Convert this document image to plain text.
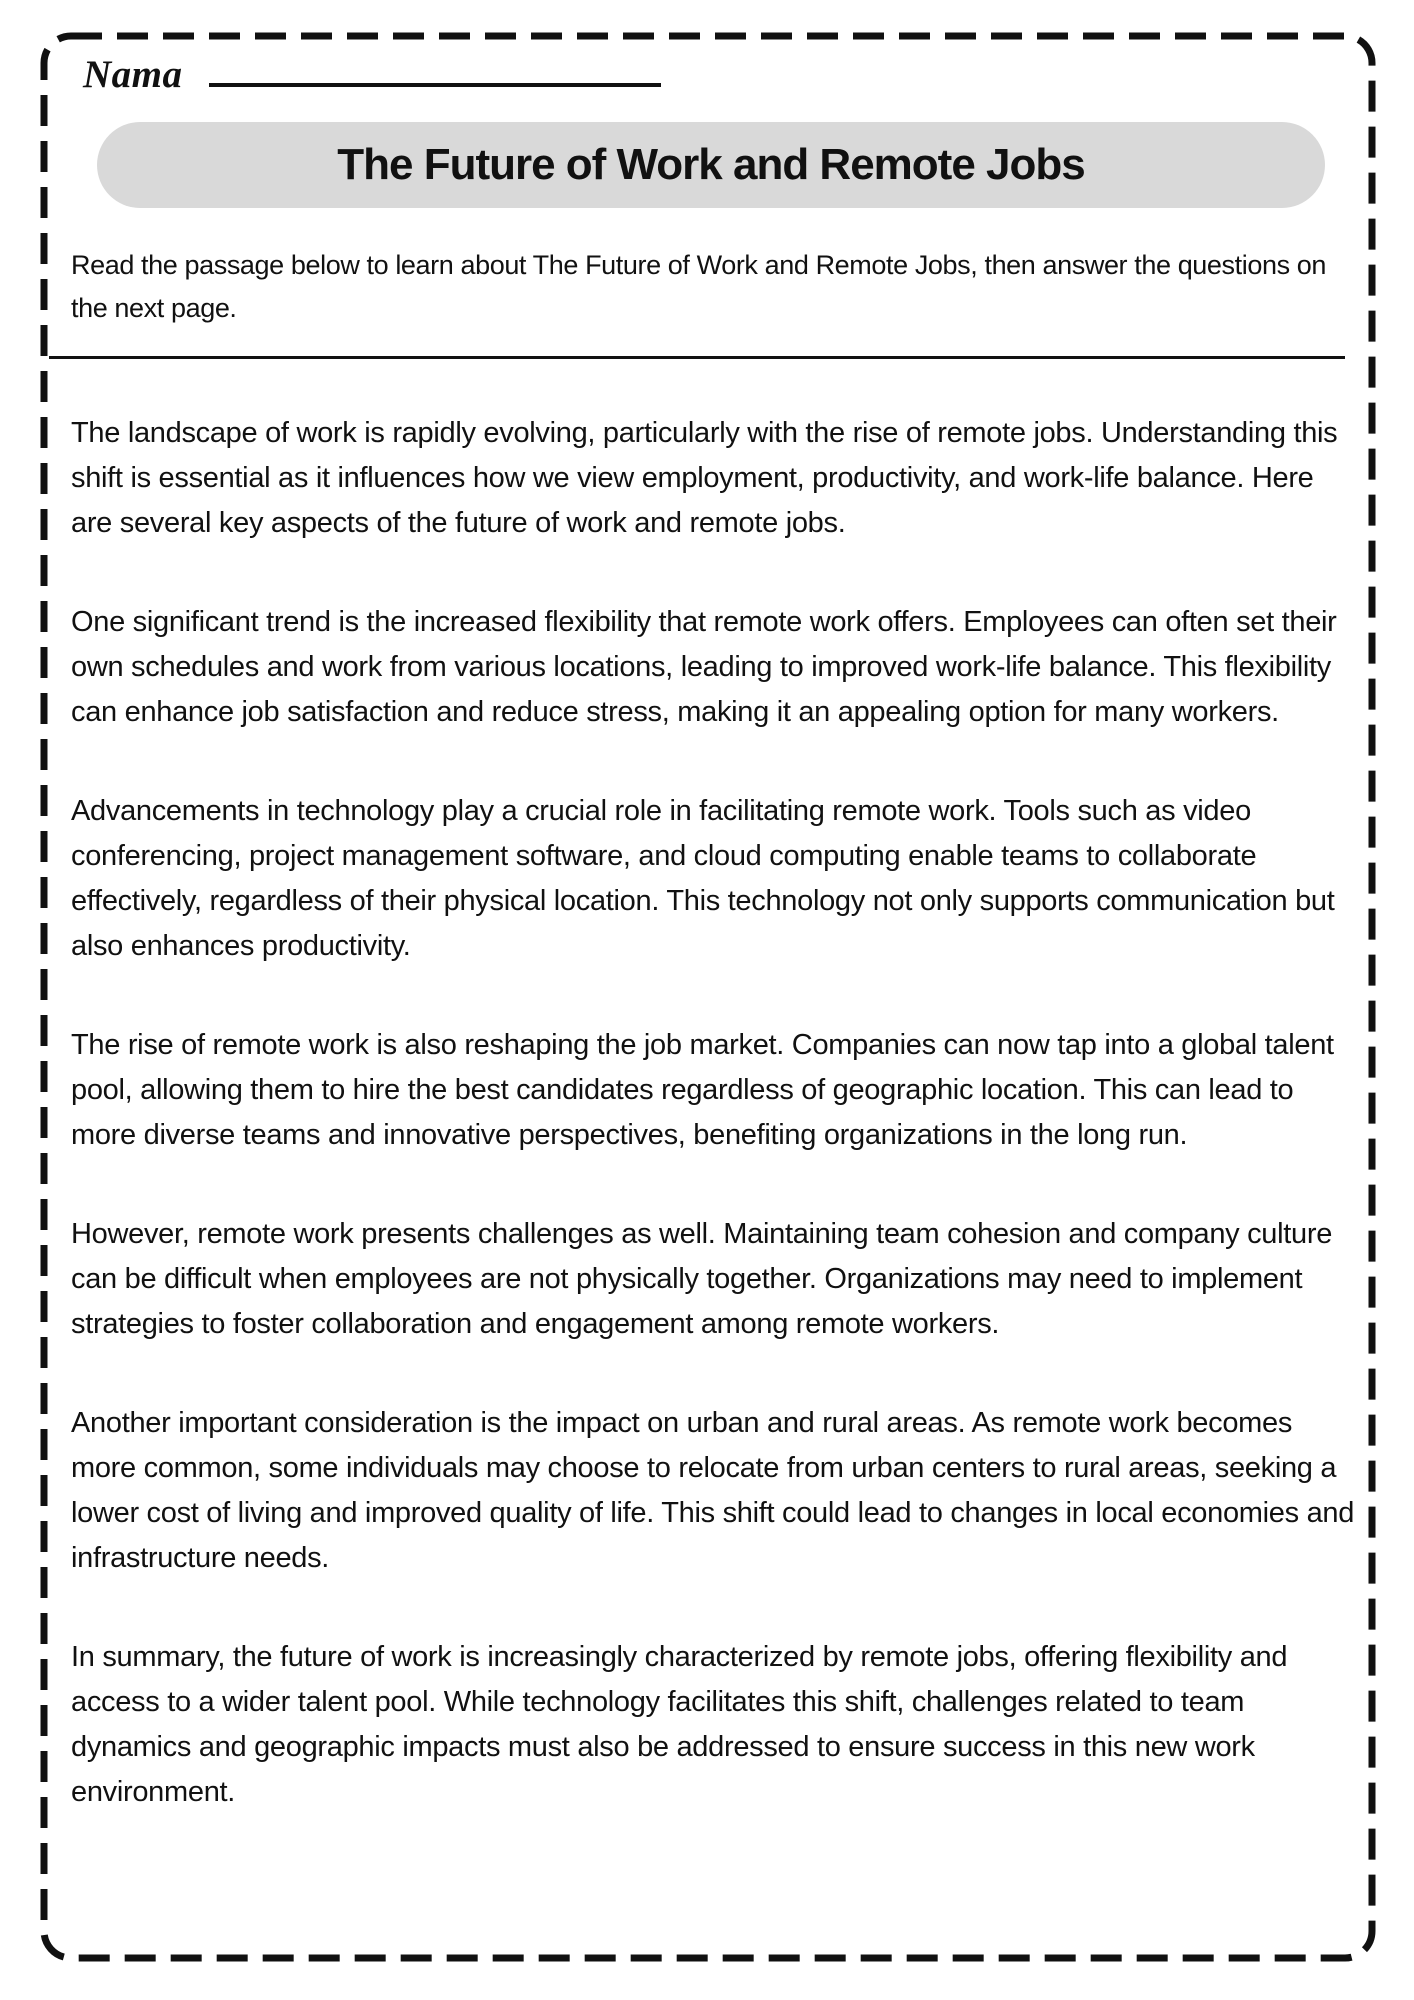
Nama
The Future of Work and Remote Jobs

Read the passage below to learn about The Future of Work and Remote Jobs, then answer the questions on the next page.

The landscape of work is rapidly evolving, particularly with the rise of remote jobs. Understanding this shift is essential as it influences how we view employment, productivity, and work-life balance. Here are several key aspects of the future of work and remote jobs.

One significant trend is the increased flexibility that remote work offers. Employees can often set their own schedules and work from various locations, leading to improved work-life balance. This flexibility can enhance job satisfaction and reduce stress, making it an appealing option for many workers.

Advancements in technology play a crucial role in facilitating remote work. Tools such as video conferencing, project management software, and cloud computing enable teams to collaborate effectively, regardless of their physical location. This technology not only supports communication but also enhances productivity.

The rise of remote work is also reshaping the job market. Companies can now tap into a global talent pool, allowing them to hire the best candidates regardless of geographic location. This can lead to more diverse teams and innovative perspectives, benefiting organizations in the long run.

However, remote work presents challenges as well. Maintaining team cohesion and company culture can be difficult when employees are not physically together. Organizations may need to implement strategies to foster collaboration and engagement among remote workers.

Another important consideration is the impact on urban and rural areas. As remote work becomes more common, some individuals may choose to relocate from urban centers to rural areas, seeking a lower cost of living and improved quality of life. This shift could lead to changes in local economies and infrastructure needs.

In summary, the future of work is increasingly characterized by remote jobs, offering flexibility and access to a wider talent pool. While technology facilitates this shift, challenges related to team dynamics and geographic impacts must also be addressed to ensure success in this new work environment.
